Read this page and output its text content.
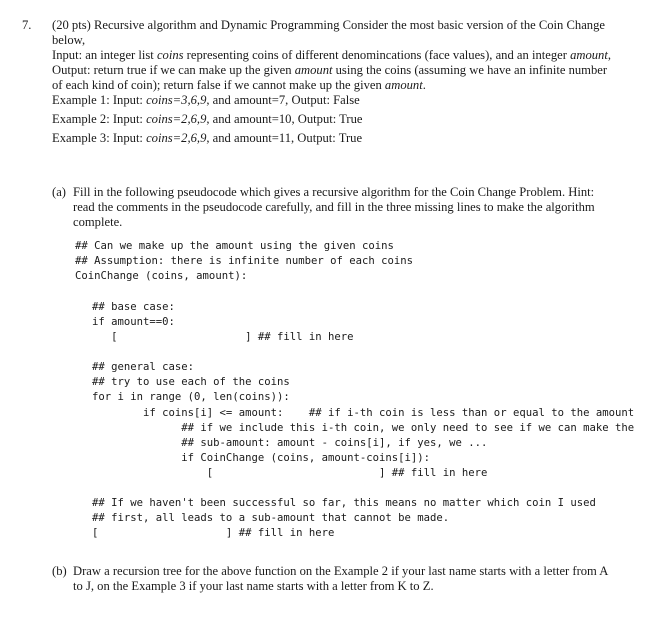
7. (20 pts) Recursive algorithm and Dynamic Programming Consider the most basic version of the Coin Change below,

Input: an integer list coins representing coins of different denomincations (face values), and an integer amount,

Output: return true if we can make up the given amount using the coins (assuming we have an infinite number of each kind of coin); return false if we cannot make up the given amount.

Example 1: Input: coins=3,6,9, and amount=7, Output: False

Example 2: Input: coins=2,6,9, and amount=10, Output: True

Example 3: Input: coins=2,6,9, and amount=11, Output: True

(a) Fill in the following pseudocode which gives a recursive algorithm for the Coin Change Problem. Hint: read the comments in the pseudocode carefully, and fill in the three missing lines to make the algorithm complete.
## Can we make up the amount using the given coins
## Assumption: there is infinite number of each coins
CoinChange (coins, amount):
## base case:
if amount==0:
[                    ] ## fill in here
## general case:
## try to use each of the coins
for i in range (0, len(coins)):
if coins[i] <= amount:    ## if i-th coin is less than or equal to the amount
## if we include this i-th coin, we only need to see if we can make the
## sub-amount: amount - coins[i], if yes, we ...
if CoinChange (coins, amount-coins[i]):
[                          ] ## fill in here
## If we haven't been successful so far, this means no matter which coin I used
## first, all leads to a sub-amount that cannot be made.
[                    ] ## fill in here
(b) Draw a recursion tree for the above function on the Example 2 if your last name starts with a letter from A to J, on the Example 3 if your last name starts with a letter from K to Z.
